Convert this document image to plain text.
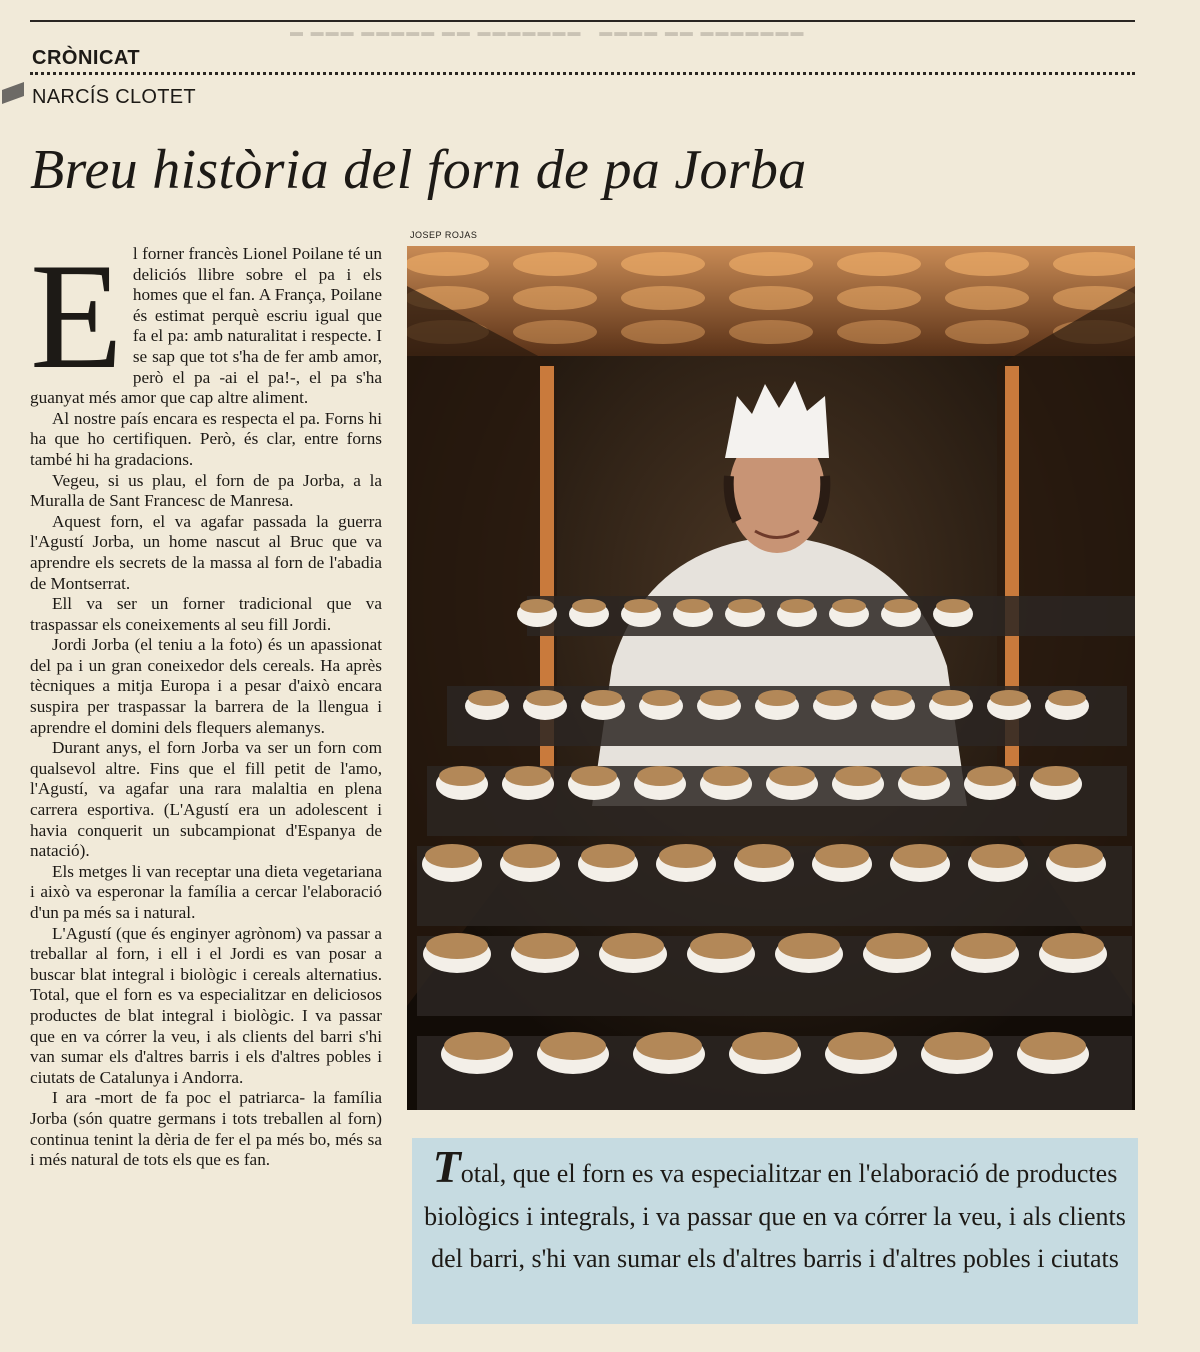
▬ ▬▬▬ ▬▬▬▬▬ ▬▬ ▬▬▬▬▬▬▬   ▬▬▬▬ ▬▬ ▬▬▬▬▬▬▬
CRÒNICAT
NARCÍS CLOTET
Breu història del forn de pa Jorba
JOSEP ROJAS

El forner francès Lionel Poilane té un deliciós llibre sobre el pa i els homes que el fan. A França, Poilane és estimat perquè escriu igual que fa el pa: amb naturalitat i respecte. I se sap que tot s'ha de fer amb amor, però el pa -ai el pa!-, el pa s'ha guanyat més amor que cap altre aliment.

Al nostre país encara es respecta el pa. Forns hi ha que ho certifiquen. Però, és clar, entre forns també hi ha gradacions.

Vegeu, si us plau, el forn de pa Jorba, a la Muralla de Sant Francesc de Manresa.

Aquest forn, el va agafar passada la guerra l'Agustí Jorba, un home nascut al Bruc que va aprendre els secrets de la massa al forn de l'abadia de Montserrat.

Ell va ser un forner tradicional que va traspassar els coneixements al seu fill Jordi.

Jordi Jorba (el teniu a la foto) és un apassionat del pa i un gran coneixedor dels cereals. Ha après tècniques a mitja Europa i a pesar d'això encara suspira per traspassar la barrera de la llengua i aprendre el domini dels flequers alemanys.

Durant anys, el forn Jorba va ser un forn com qualsevol altre. Fins que el fill petit de l'amo, l'Agustí, va agafar una rara malaltia en plena carrera esportiva. (L'Agustí era un adolescent i havia conquerit un subcampionat d'Espanya de natació).

Els metges li van receptar una dieta vegetariana i això va esperonar la família a cercar l'elaboració d'un pa més sa i natural.

L'Agustí (que és enginyer agrònom) va passar a treballar al forn, i ell i el Jordi es van posar a buscar blat integral i biològic i cereals alternatius. Total, que el forn es va especialitzar en deliciosos productes de blat integral i biològic. I va passar que en va córrer la veu, i als clients del barri s'hi van sumar els d'altres barris i els d'altres pobles i ciutats de Catalunya i Andorra.

I ara -mort de fa poc el patriarca- la família Jorba (són quatre germans i tots treballen al forn) continua tenint la dèria de fer el pa més bo, més sa i més natural de tots els que es fan.	Total, que el forn es va especialitzar en l'elaboració de productes biològics i integrals, i va passar que en va córrer la veu, i als clients del barri, s'hi van sumar els d'altres barris i d'altres pobles i ciutats
